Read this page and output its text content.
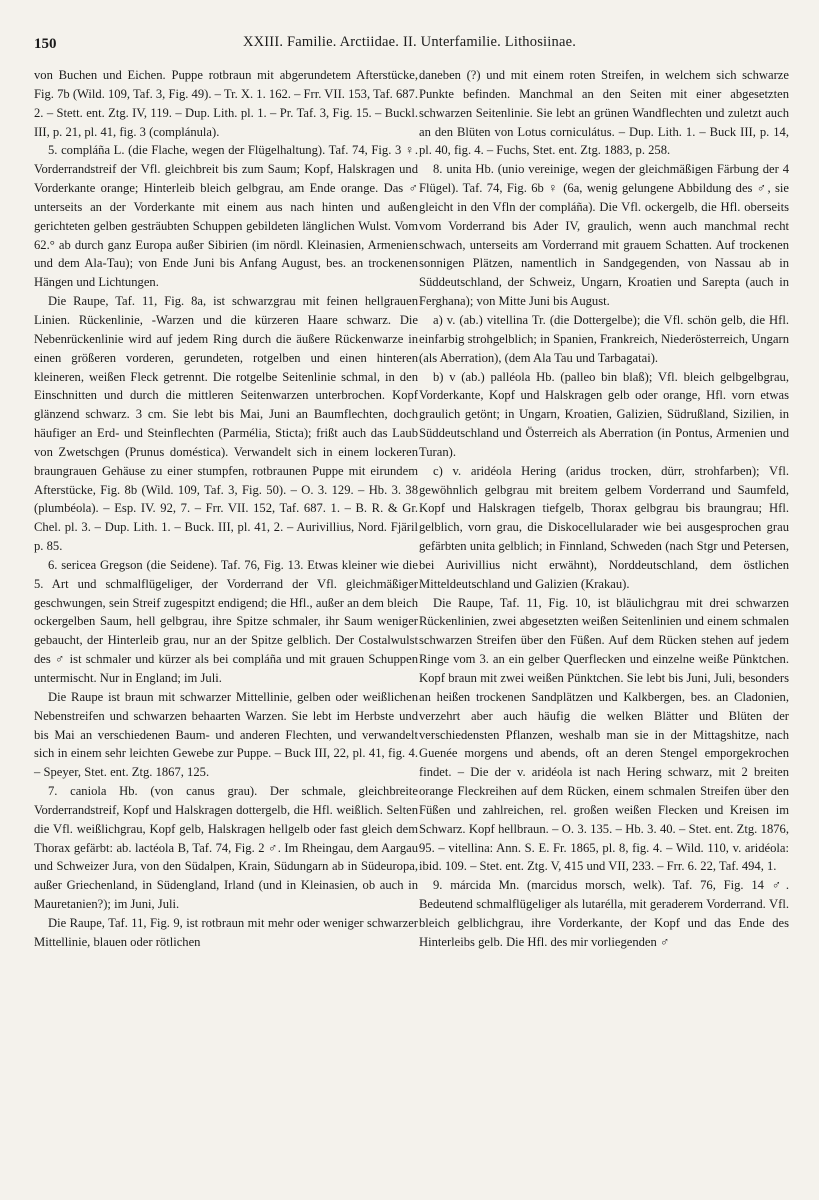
150	XXIII. Familie. Arctiidae. II. Unterfamilie. Lithosiinae.

von Buchen und Eichen. Puppe rotbraun mit abgerundetem Afterstücke, Fig. 7b (Wild. 109, Taf. 3, Fig. 49). – Tr. X. 1. 162. – Frr. VII. 153, Taf. 687. 2. – Stett. ent. Ztg. IV, 119. – Dup. Lith. pl. 1. – Pr. Taf. 3, Fig. 15. – Buckl. III, p. 21, pl. 41, fig. 3 (complánula).

5. compláña L. (die Flache, wegen der Flügelhaltung). Taf. 74, Fig. 3 ♀. Vorderrandstreif der Vfl. gleichbreit bis zum Saum; Kopf, Halskragen und Vorderkante orange; Hinterleib bleich gelbgrau, am Ende orange. Das ♂ unterseits an der Vorderkante mit einem aus nach hinten und außen gerichteten gelben gesträubten Schuppen gebildeten länglichen Wulst. Vom 62.° ab durch ganz Europa außer Sibirien (im nördl. Kleinasien, Armenien und dem Ala-Tau); von Ende Juni bis Anfang August, bes. an trockenen Hängen und Lichtungen.

Die Raupe, Taf. 11, Fig. 8a, ist schwarzgrau mit feinen hellgrauen Linien. Rückenlinie, -Warzen und die kürzeren Haare schwarz. Die Nebenrückenlinie wird auf jedem Ring durch die äußere Rückenwarze in einen größeren vorderen, gerundeten, rotgelben und einen hinteren kleineren, weißen Fleck getrennt. Die rotgelbe Seitenlinie schmal, in den Einschnitten und durch die mittleren Seitenwarzen unterbrochen. Kopf glänzend schwarz. 3 cm. Sie lebt bis Mai, Juni an Baumflechten, doch häufiger an Erd- und Steinflechten (Parmélia, Sticta); frißt auch das Laub von Zwetschgen (Prunus doméstica). Verwandelt sich in einem lockeren braungrauen Gehäuse zu einer stumpfen, rotbraunen Puppe mit eirundem Afterstücke, Fig. 8b (Wild. 109, Taf. 3, Fig. 50). – O. 3. 129. – Hb. 3. 38 (plumbéola). – Esp. IV. 92, 7. – Frr. VII. 152, Taf. 687. 1. – B. R. & Gr. Chel. pl. 3. – Dup. Lith. 1. – Buck. III, pl. 41, 2. – Aurivillius, Nord. Fjäril p. 85.

6. sericea Gregson (die Seidene). Taf. 76, Fig. 13. Etwas kleiner wie die 5. Art und schmalflügeliger, der Vorderrand der Vfl. gleichmäßiger geschwungen, sein Streif zugespitzt endigend; die Hfl., außer an dem bleich ockergelben Saum, hell gelbgrau, ihre Spitze schmaler, ihr Saum weniger gebaucht, der Hinterleib grau, nur an der Spitze gelblich. Der Costalwulst des ♂ ist schmaler und kürzer als bei compláña und mit grauen Schuppen untermischt. Nur in England; im Juli.

Die Raupe ist braun mit schwarzer Mittellinie, gelben oder weißlichen Nebenstreifen und schwarzen behaarten Warzen. Sie lebt im Herbste und bis Mai an verschiedenen Baum- und anderen Flechten, und verwandelt sich in einem sehr leichten Gewebe zur Puppe. – Buck III, 22, pl. 41, fig. 4. – Speyer, Stet. ent. Ztg. 1867, 125.

7. caniola Hb. (von canus grau). Der schmale, gleichbreite Vorderrandstreif, Kopf und Halskragen dottergelb, die Hfl. weißlich. Selten die Vfl. weißlichgrau, Kopf gelb, Halskragen hellgelb oder fast gleich dem Thorax gefärbt: ab. lactéola B, Taf. 74, Fig. 2 ♂. Im Rheingau, dem Aargau und Schweizer Jura, von den Südalpen, Krain, Südungarn ab in Südeuropa, außer Griechenland, in Südengland, Irland (und in Kleinasien, ob auch in Mauretanien?); im Juni, Juli.

Die Raupe, Taf. 11, Fig. 9, ist rotbraun mit mehr oder weniger schwarzer Mittellinie, blauen oder rötlichen

daneben (?) und mit einem roten Streifen, in welchem sich schwarze Punkte befinden. Manchmal an den Seiten mit einer abgesetzten schwarzen Seitenlinie. Sie lebt an grünen Wandflechten und zuletzt auch an den Blüten von Lotus corniculátus. – Dup. Lith. 1. – Buck III, p. 14, pl. 40, fig. 4. – Fuchs, Stet. ent. Ztg. 1883, p. 258.

8. unita Hb. (unio vereinige, wegen der gleichmäßigen Färbung der 4 Flügel). Taf. 74, Fig. 6b ♀ (6a, wenig gelungene Abbildung des ♂, sie gleicht in den Vfln der compláña). Die Vfl. ockergelb, die Hfl. oberseits vom Vorderrand bis Ader IV, graulich, wenn auch manchmal recht schwach, unterseits am Vorderrand mit grauem Schatten. Auf trockenen sonnigen Plätzen, namentlich in Sandgegenden, von Nassau ab in Süddeutschland, der Schweiz, Ungarn, Kroatien und Sarepta (auch in Ferghana); von Mitte Juni bis August.

a) v. (ab.) vitellina Tr. (die Dottergelbe); die Vfl. schön gelb, die Hfl. einfarbig strohgelblich; in Spanien, Frankreich, Niederösterreich, Ungarn (als Aberration), (dem Ala Tau und Tarbagatai).

b) v (ab.) palléola Hb. (palleo bin blaß); Vfl. bleich gelbgelbgrau, Vorderkante, Kopf und Halskragen gelb oder orange, Hfl. vorn etwas graulich getönt; in Ungarn, Kroatien, Galizien, Südrußland, Sizilien, in Süddeutschland und Österreich als Aberration (in Pontus, Armenien und Turan).

c) v. aridéola Hering (aridus trocken, dürr, strohfarben); Vfl. gewöhnlich gelbgrau mit breitem gelbem Vorderrand und Saumfeld, Kopf und Halskragen tiefgelb, Thorax gelbgrau bis braungrau; Hfl. gelblich, vorn grau, die Diskocellularader wie bei ausgesprochen grau gefärbten unita gelblich; in Finnland, Schweden (nach Stgr und Petersen, bei Aurivillius nicht erwähnt), Norddeutschland, dem östlichen Mitteldeutschland und Galizien (Krakau).

Die Raupe, Taf. 11, Fig. 10, ist bläulichgrau mit drei schwarzen Rückenlinien, zwei abgesetzten weißen Seitenlinien und einem schmalen schwarzen Streifen über den Füßen. Auf dem Rücken stehen auf jedem Ringe vom 3. an ein gelber Querflecken und einzelne weiße Pünktchen. Kopf braun mit zwei weißen Pünktchen. Sie lebt bis Juni, Juli, besonders an heißen trockenen Sandplätzen und Kalkbergen, bes. an Cladonien, verzehrt aber auch häufig die welken Blätter und Blüten der verschiedensten Pflanzen, weshalb man sie in der Mittagshitze, nach Guenée morgens und abends, oft an deren Stengel emporgekrochen findet. – Die der v. aridéola ist nach Hering schwarz, mit 2 breiten orange Fleckreihen auf dem Rücken, einem schmalen Streifen über den Füßen und zahlreichen, rel. großen weißen Flecken und Kreisen im Schwarz. Kopf hellbraun. – O. 3. 135. – Hb. 3. 40. – Stet. ent. Ztg. 1876, 95. – vitellina: Ann. S. E. Fr. 1865, pl. 8, fig. 4. – Wild. 110, v. aridéola: ibid. 109. – Stet. ent. Ztg. V, 415 und VII, 233. – Frr. 6. 22, Taf. 494, 1.

9. márcida Mn. (marcidus morsch, welk). Taf. 76, Fig. 14 ♂. Bedeutend schmalflügeliger als lutarélla, mit geraderem Vorderrand. Vfl. bleich gelblichgrau, ihre Vorderkante, der Kopf und das Ende des Hinterleibs gelb. Die Hfl. des mir vorliegenden ♂
